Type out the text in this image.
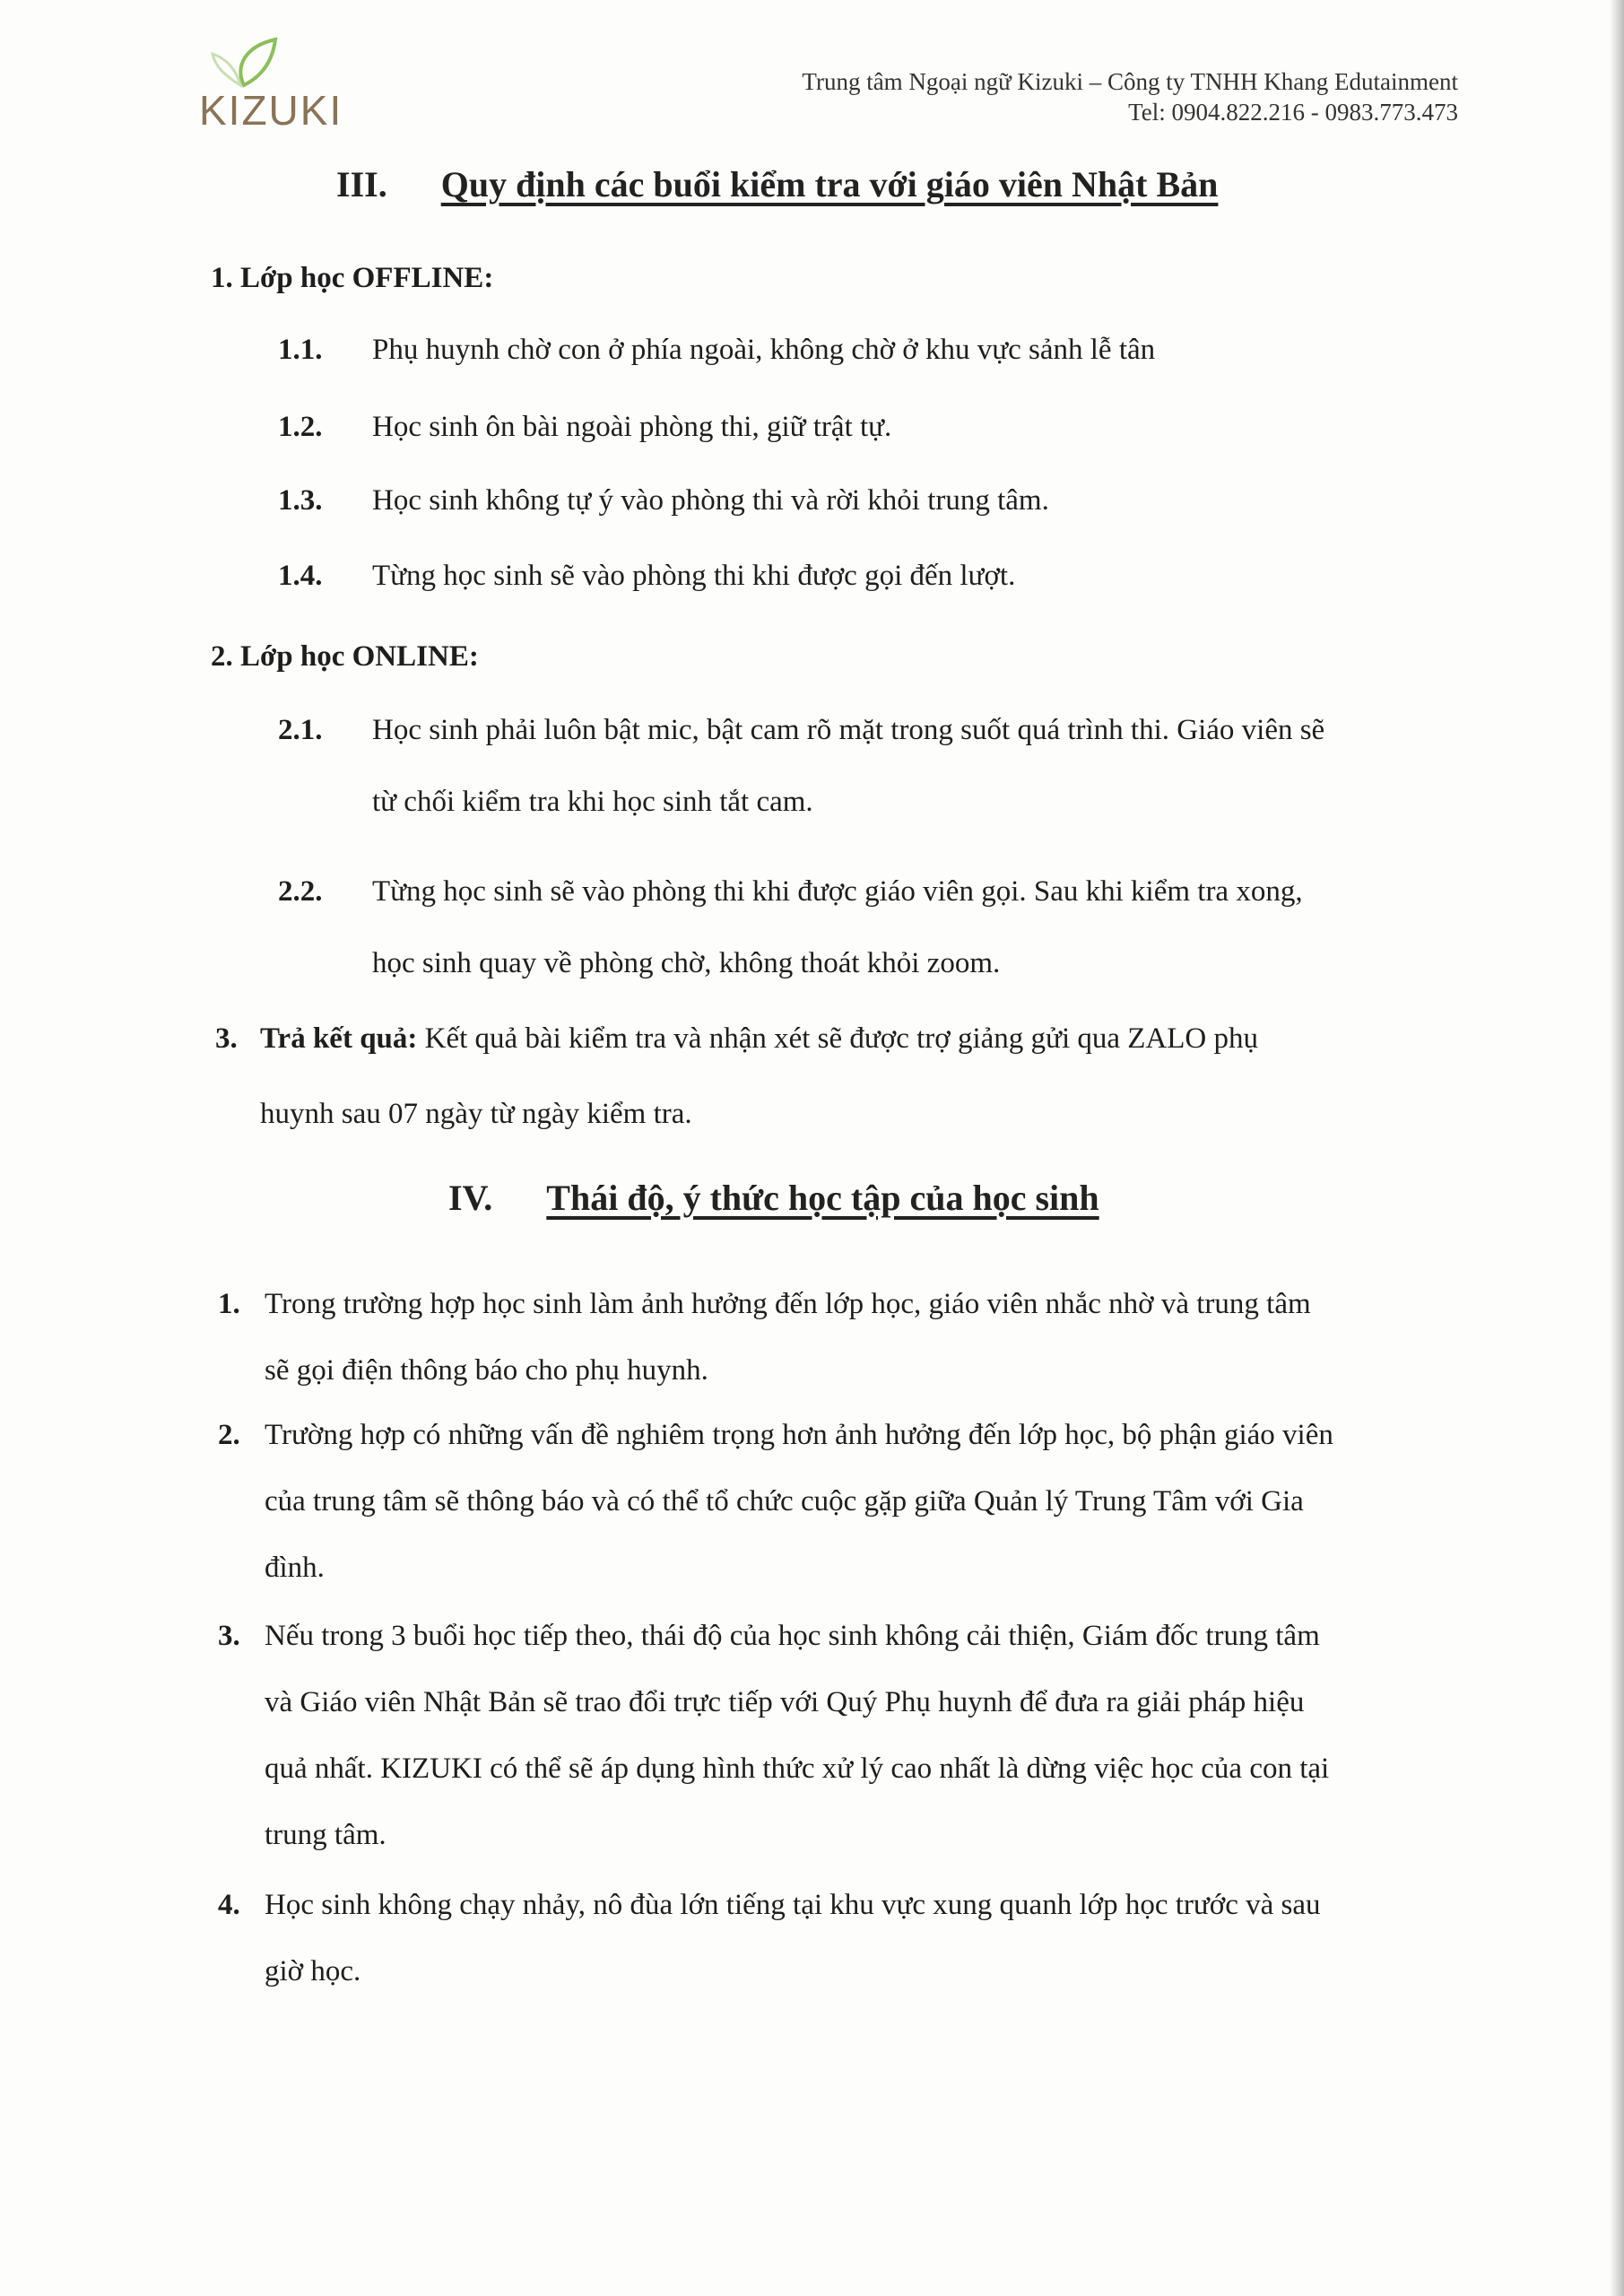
KIZUKI
Trung tâm Ngoại ngữ Kizuki – Công ty TNHH Khang Edutainment
Tel: 0904.822.216 - 0983.773.473
III. Quy định các buổi kiểm tra với giáo viên Nhật Bản
1. Lớp học OFFLINE:
1.1. Phụ huynh chờ con ở phía ngoài, không chờ ở khu vực sảnh lễ tân
1.2. Học sinh ôn bài ngoài phòng thi, giữ trật tự.
1.3. Học sinh không tự ý vào phòng thi và rời khỏi trung tâm.
1.4. Từng học sinh sẽ vào phòng thi khi được gọi đến lượt.
2. Lớp học ONLINE:
2.1. Học sinh phải luôn bật mic, bật cam rõ mặt trong suốt quá trình thi. Giáo viên sẽ
từ chối kiểm tra khi học sinh tắt cam.
2.2. Từng học sinh sẽ vào phòng thi khi được giáo viên gọi. Sau khi kiểm tra xong,
học sinh quay về phòng chờ, không thoát khỏi zoom.
3. Trả kết quả: Kết quả bài kiểm tra và nhận xét sẽ được trợ giảng gửi qua ZALO phụ
huynh sau 07 ngày từ ngày kiểm tra.
IV. Thái độ, ý thức học tập của học sinh
1. Trong trường hợp học sinh làm ảnh hưởng đến lớp học, giáo viên nhắc nhờ và trung tâm
sẽ gọi điện thông báo cho phụ huynh.
2. Trường hợp có những vấn đề nghiêm trọng hơn ảnh hưởng đến lớp học, bộ phận giáo viên
của trung tâm sẽ thông báo và có thể tổ chức cuộc gặp giữa Quản lý Trung Tâm với Gia
đình.
3. Nếu trong 3 buổi học tiếp theo, thái độ của học sinh không cải thiện, Giám đốc trung tâm
và Giáo viên Nhật Bản sẽ trao đổi trực tiếp với Quý Phụ huynh để đưa ra giải pháp hiệu
quả nhất. KIZUKI có thể sẽ áp dụng hình thức xử lý cao nhất là dừng việc học của con tại
trung tâm.
4. Học sinh không chạy nhảy, nô đùa lớn tiếng tại khu vực xung quanh lớp học trước và sau
giờ học.
